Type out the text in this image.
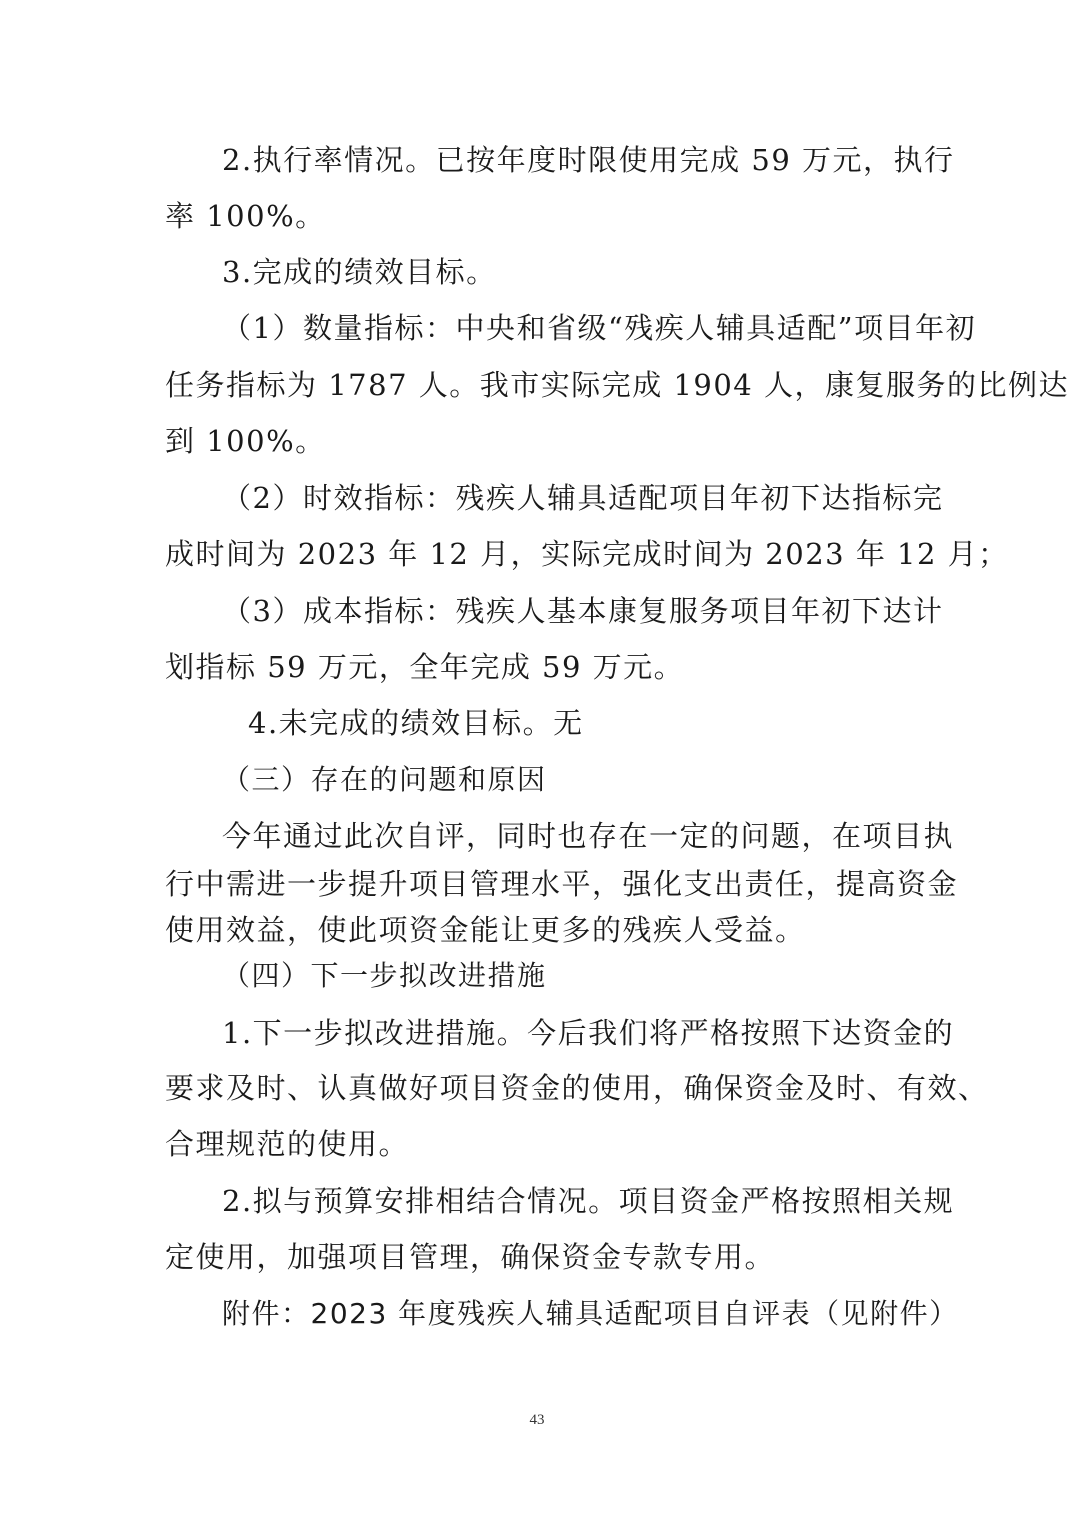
2.执行率情况。已按年度时限使用完成 59 万元，执行
率 100%。
3.完成的绩效目标。
（1）数量指标：中央和省级“残疾人辅具适配”项目年初
任务指标为 1787 人。我市实际完成 1904 人，康复服务的比例达
到 100%。
（2）时效指标：残疾人辅具适配项目年初下达指标完
成时间为 2023 年 12 月，实际完成时间为 2023 年 12 月；
（3）成本指标：残疾人基本康复服务项目年初下达计
划指标 59 万元，全年完成 59 万元。
4.未完成的绩效目标。无
（三）存在的问题和原因
今年通过此次自评，同时也存在一定的问题，在项目执
行中需进一步提升项目管理水平，强化支出责任，提高资金
使用效益，使此项资金能让更多的残疾人受益。
（四）下一步拟改进措施
1.下一步拟改进措施。今后我们将严格按照下达资金的
要求及时、认真做好项目资金的使用，确保资金及时、有效、
合理规范的使用。
2.拟与预算安排相结合情况。项目资金严格按照相关规
定使用，加强项目管理，确保资金专款专用。
附件：2023 年度残疾人辅具适配项目自评表（见附件）
43
